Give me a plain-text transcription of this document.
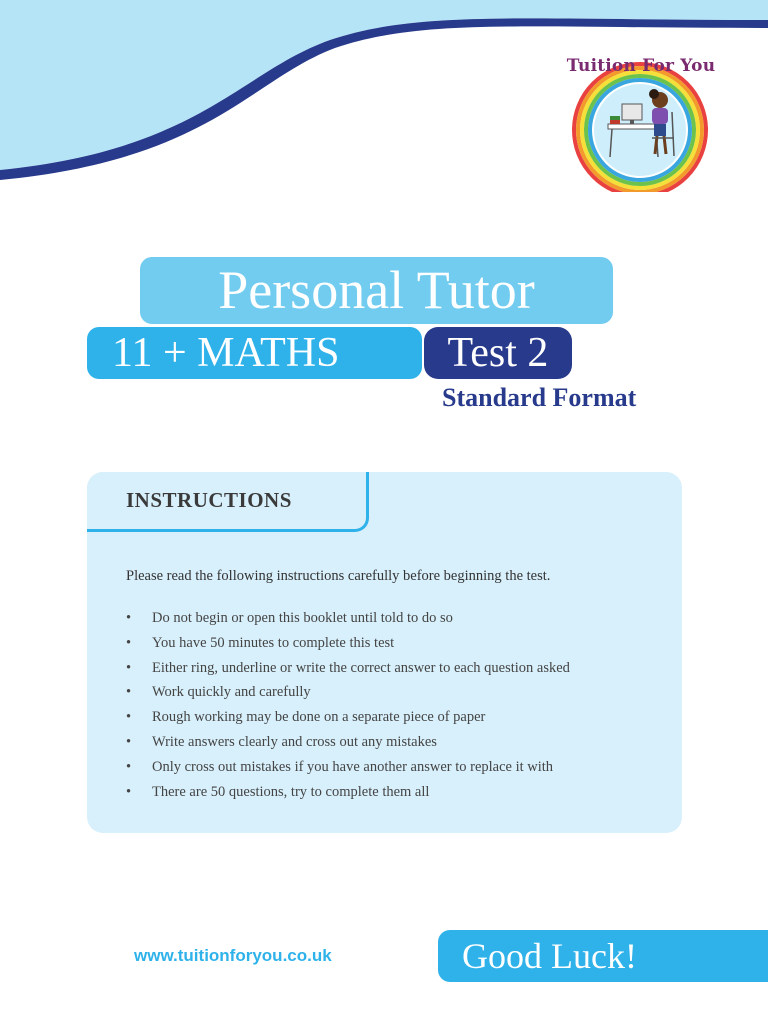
Tuition For You
Personal Tutor
11 + MATHS	Test 2
Standard Format
INSTRUCTIONS
Please read the following instructions carefully before beginning the test.
• Do not begin or open this booklet until told to do so
• You have 50 minutes to complete this test
• Either ring, underline or write the correct answer to each question asked
• Work quickly and carefully
• Rough working may be done on a separate piece of paper
• Write answers clearly and cross out any mistakes
• Only cross out mistakes if you have another answer to replace it with
• There are 50 questions, try to complete them all
www.tuitionforyou.co.uk	Good Luck!
